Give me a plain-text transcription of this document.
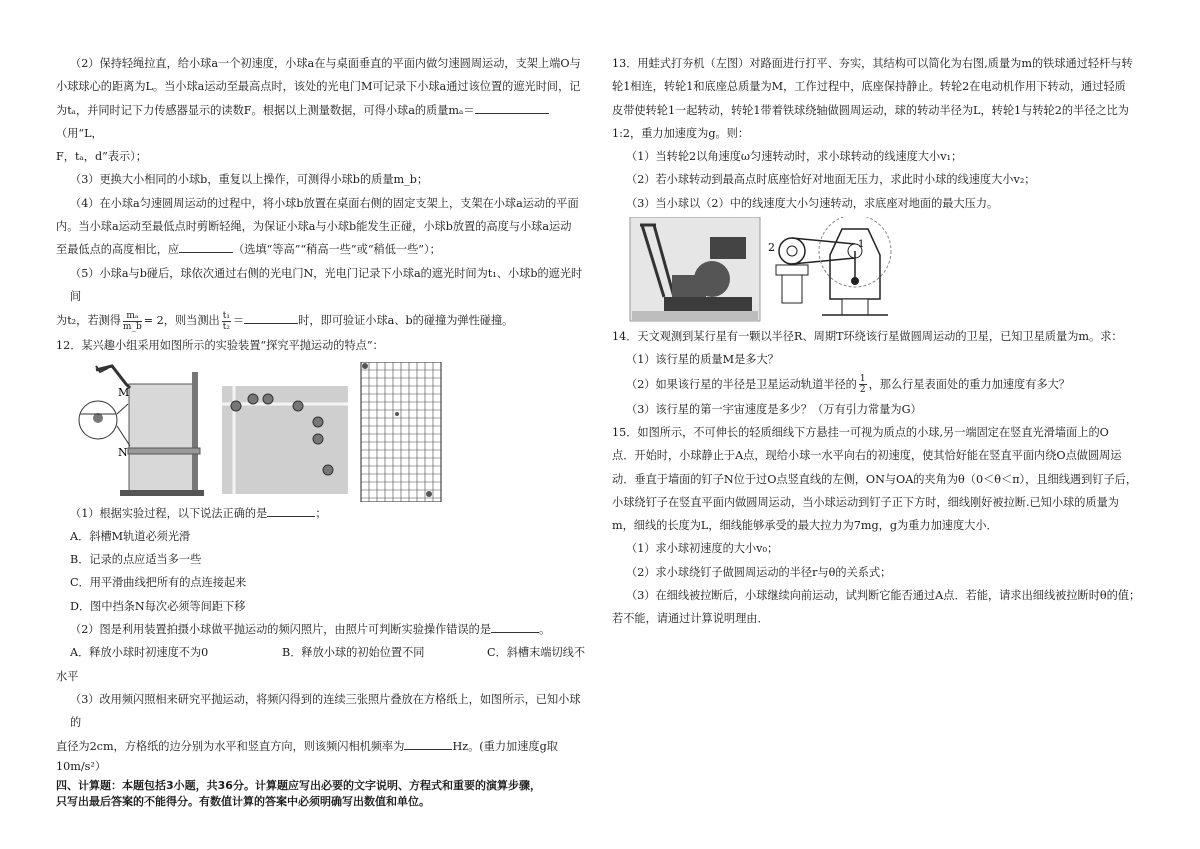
（2）保持轻绳拉直，给小球a一个初速度，小球a在与桌面垂直的平面内做匀速圆周运动，支架上端O与

小球球心的距离为L。当小球a运动至最高点时，该处的光电门M可记录下小球a通过该位置的遮光时间，记

为tₐ，并同时记下力传感器显示的读数F。根据以上测量数据，可得小球a的质量mₐ＝（用“L，

F，tₐ，d”表示）；

（3）更换大小相同的小球b，重复以上操作，可测得小球b的质量m_b；

（4）在小球a匀速圆周运动的过程中，将小球b放置在桌面右侧的固定支架上，支架在小球a运动的平面

内。当小球a运动至最低点时剪断轻绳，为保证小球a与小球b能发生正碰，小球b放置的高度与小球a运动

至最低点的高度相比，应	（选填“等高”“稍高一些”或“稍低一些”）；

（5）小球a与b碰后，球依次通过右侧的光电门N，光电门记录下小球a的遮光时间为t₁、小球b的遮光时间

为t₂，若测得 $\frac{\text{mₐ}}{m\_b} = 2$，则当测出 $\frac{\text{t₁}}{\text{t₂}}$ ＝	时，即可验证小球a、b的碰撞为弹性碰撞。

12．某兴趣小组采用如图所示的实验装置“探究平抛运动的特点”：

M
N

（1）根据实验过程，以下说法正确的是	；

A．斜槽M轨道必须光滑

B．记录的点应适当多一些

C．用平滑曲线把所有的点连接起来

D．图中挡条N每次必须等间距下移

（2）图是利用装置拍摄小球做平抛运动的频闪照片，由照片可判断实验操作错误的是	。

A．释放小球时初速度不为0	B．释放小球的初始位置不同	C．斜槽末端切线不

水平

（3）改用频闪照相来研究平抛运动，将频闪得到的连续三张照片叠放在方格纸上，如图所示，已知小球的

直径为2cm，方格纸的边分别为水平和竖直方向，则该频闪相机频率为	Hz。(重力加速度g取

10m/s²）

四、计算题：本题包括3小题，共36分。计算题应写出必要的文字说明、方程式和重要的演算步骤，

只写出最后答案的不能得分。有数值计算的答案中必须明确写出数值和单位。

13．用蛙式打夯机（左图）对路面进行打平、夯实，其结构可以简化为右图,质量为m的铁球通过轻杆与转

轮1相连，转轮1和底座总质量为M，工作过程中，底座保持静止。转轮2在电动机作用下转动，通过轻质

皮带使转轮1一起转动，转轮1带着铁球绕轴做圆周运动，球的转动半径为L，转轮1与转轮2的半径之比为

1:2，重力加速度为g。则：

（1）当转轮2以角速度ω匀速转动时，求小球转动的线速度大小v₁；

（2）若小球转动到最高点时底座恰好对地面无压力，求此时小球的线速度大小v₂；

（3）当小球以（2）中的线速度大小匀速转动，求底座对地面的最大压力。

2	1

14．天文观测到某行星有一颗以半径R、周期T环绕该行星做圆周运动的卫星，已知卫星质量为m。求：

（1）该行星的质量M是多大？

（2）如果该行星的半径是卫星运动轨道半径的 $\frac{1}{2}$ ，那么行星表面处的重力加速度有多大？

（3）该行星的第一宇宙速度是多少？（万有引力常量为G）

15．如图所示，不可伸长的轻质细线下方悬挂一可视为质点的小球,另一端固定在竖直光滑墙面上的O

点．开始时，小球静止于A点，现给小球一水平向右的初速度，使其恰好能在竖直平面内绕O点做圆周运

动．垂直于墙面的钉子N位于过O点竖直线的左侧，ON与OA的夹角为θ（0＜θ＜π），且细线遇到钉子后，

小球绕钉子在竖直平面内做圆周运动，当小球运动到钉子正下方时，细线刚好被拉断.已知小球的质量为

m，细线的长度为L，细线能够承受的最大拉力为7mg，g为重力加速度大小．

（1）求小球初速度的大小v₀；

（2）求小球绕钉子做圆周运动的半径r与θ的关系式；

（3）在细线被拉断后，小球继续向前运动，试判断它能否通过A点．若能，请求出细线被拉断时θ的值；

若不能，请通过计算说明理由．
